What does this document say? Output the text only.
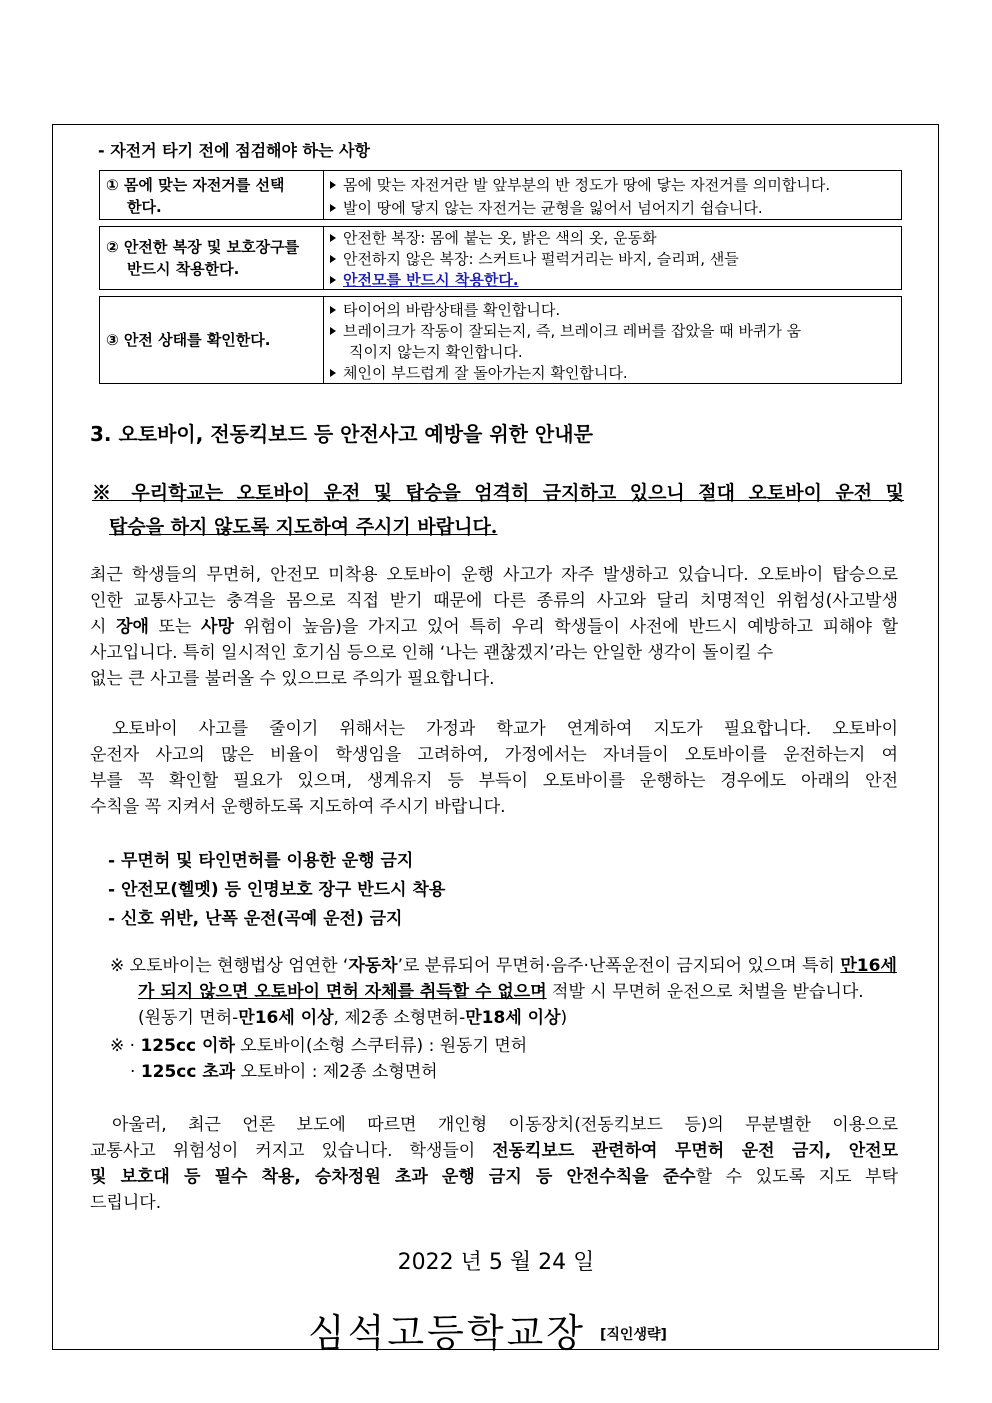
- 자전거 타기 전에 점검해야 하는 사항
① 몸에 맞는 자전거를 선택
한다.
몸에 맞는 자전거란 발 앞부분의 반 정도가 땅에 닿는 자전거를 의미합니다.
발이 땅에 닿지 않는 자전거는 균형을 잃어서 넘어지기 쉽습니다.
② 안전한 복장 및 보호장구를
반드시 착용한다.
안전한 복장: 몸에 붙는 옷, 밝은 색의 옷, 운동화
안전하지 않은 복장: 스커트나 펄럭거리는 바지, 슬리퍼, 샌들
안전모를 반드시 착용한다.
③ 안전 상태를 확인한다.
타이어의 바람상태를 확인합니다.
브레이크가 작동이 잘되는지, 즉, 브레이크 레버를 잡았을 때 바퀴가 움
직이지 않는지 확인합니다.
체인이 부드럽게 잘 돌아가는지 확인합니다.
3. 오토바이, 전동킥보드 등 안전사고 예방을 위한 안내문
※ 우리학교는 오토바이 운전 및 탑승을 엄격히 금지하고 있으니 절대 오토바이 운전 및
탑승을 하지 않도록 지도하여 주시기 바랍니다.
최근 학생들의 무면허, 안전모 미착용 오토바이 운행 사고가 자주 발생하고 있습니다. 오토바이 탑승으로
인한 교통사고는 충격을 몸으로 직접 받기 때문에 다른 종류의 사고와 달리 치명적인 위험성(사고발생
시 장애 또는 사망 위험이 높음)을 가지고 있어 특히 우리 학생들이 사전에 반드시 예방하고 피해야 할
사고입니다. 특히 일시적인 호기심 등으로 인해 ‘나는 괜찮겠지’라는 안일한 생각이 돌이킬 수
없는 큰 사고를 불러올 수 있으므로 주의가 필요합니다.
오토바이 사고를 줄이기 위해서는 가정과 학교가 연계하여 지도가 필요합니다. 오토바이
운전자 사고의 많은 비율이 학생임을 고려하여, 가정에서는 자녀들이 오토바이를 운전하는지 여
부를 꼭 확인할 필요가 있으며, 생계유지 등 부득이 오토바이를 운행하는 경우에도 아래의 안전
수칙을 꼭 지켜서 운행하도록 지도하여 주시기 바랍니다.
- 무면허 및 타인면허를 이용한 운행 금지
- 안전모(헬멧) 등 인명보호 장구 반드시 착용
- 신호 위반, 난폭 운전(곡예 운전) 금지
※ 오토바이는 현행법상 엄연한 ‘자동차’로 분류되어 무면허·음주·난폭운전이 금지되어 있으며 특히 만16세
가 되지 않으면 오토바이 면허 자체를 취득할 수 없으며 적발 시 무면허 운전으로 처벌을 받습니다.
(원동기 면허-만16세 이상, 제2종 소형면허-만18세 이상)
※ · 125cc 이하 오토바이(소형 스쿠터류) : 원동기 면허
· 125cc 초과 오토바이 : 제2종 소형면허
아울러, 최근 언론 보도에 따르면 개인형 이동장치(전동킥보드 등)의 무분별한 이용으로
교통사고 위험성이 커지고 있습니다. 학생들이 전동킥보드 관련하여 무면허 운전 금지, 안전모
및 보호대 등 필수 착용, 승차정원 초과 운행 금지 등 안전수칙을 준수할 수 있도록 지도 부탁
드립니다.
2022 년 5 월 24 일
심석고등학교장 [직인생략]
